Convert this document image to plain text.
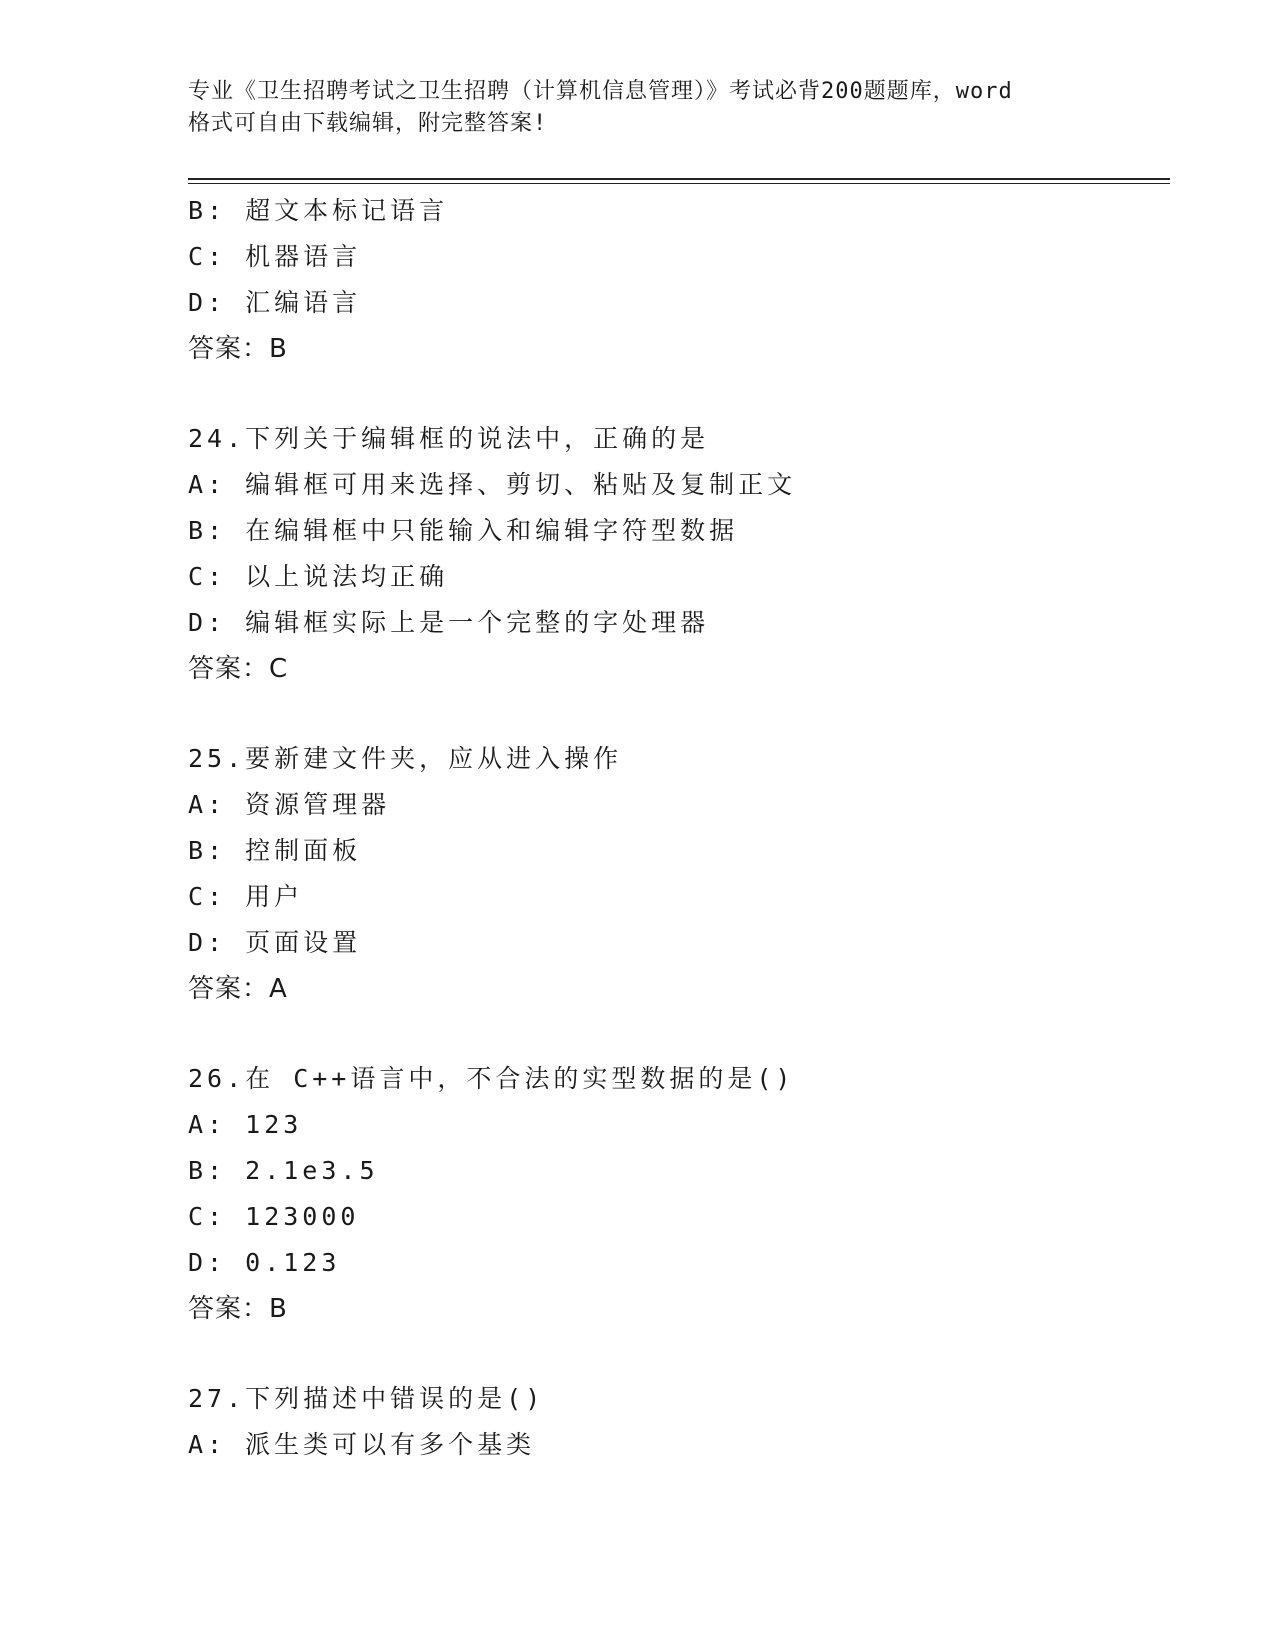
专业《卫生招聘考试之卫生招聘（计算机信息管理）》考试必背200题题库，word
格式可自由下载编辑，附完整答案!
B: 超文本标记语言
C: 机器语言
D: 汇编语言
答案：B
24.下列关于编辑框的说法中，正确的是
A: 编辑框可用来选择、剪切、粘贴及复制正文
B: 在编辑框中只能输入和编辑字符型数据
C: 以上说法均正确
D: 编辑框实际上是一个完整的字处理器
答案：C
25.要新建文件夹，应从进入操作
A: 资源管理器
B: 控制面板
C: 用户
D: 页面设置
答案：A
26.在 C++语言中，不合法的实型数据的是()
A: 123
B: 2.1e3.5
C: 123000
D: 0.123
答案：B
27.下列描述中错误的是()
A: 派生类可以有多个基类
